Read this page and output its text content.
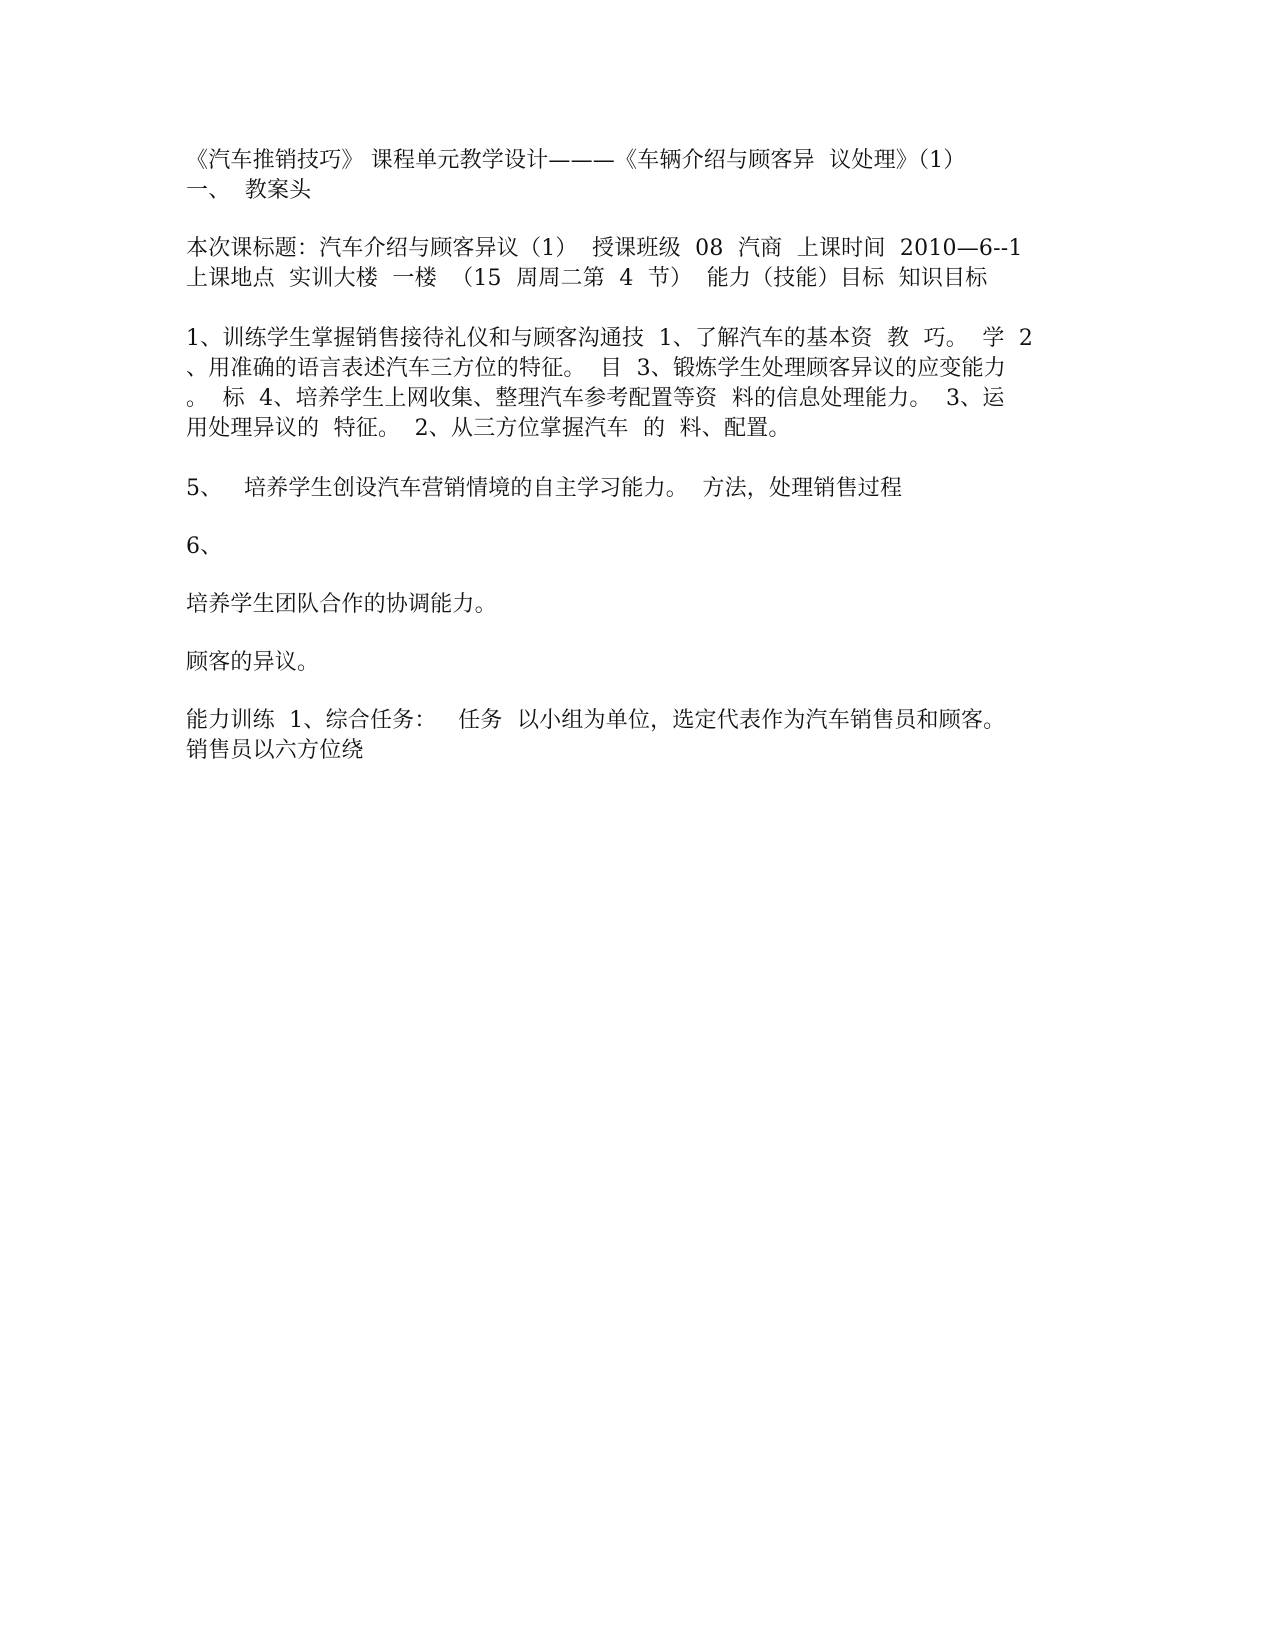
《汽车推销技巧》 课程单元教学设计———《车辆介绍与顾客异  议处理》（1）
一、  教案头
本次课标题：汽车介绍与顾客异议（1）  授课班级  08  汽商  上课时间  2010—6--1
上课地点  实训大楼  一楼  （15  周周二第  4  节）  能力（技能）目标  知识目标
1、训练学生掌握销售接待礼仪和与顾客沟通技  1、了解汽车的基本资  教  巧。  学  2
、用准确的语言表述汽车三方位的特征。  目  3、锻炼学生处理顾客异议的应变能力
。  标  4、培养学生上网收集、整理汽车参考配置等资  料的信息处理能力。  3、运
用处理异议的  特征。  2、从三方位掌握汽车  的  料、配置。
5、   培养学生创设汽车营销情境的自主学习能力。  方法，处理销售过程
6、
培养学生团队合作的协调能力。
顾客的异议。
能力训练  1、综合任务：   任务  以小组为单位，选定代表作为汽车销售员和顾客。
销售员以六方位绕
